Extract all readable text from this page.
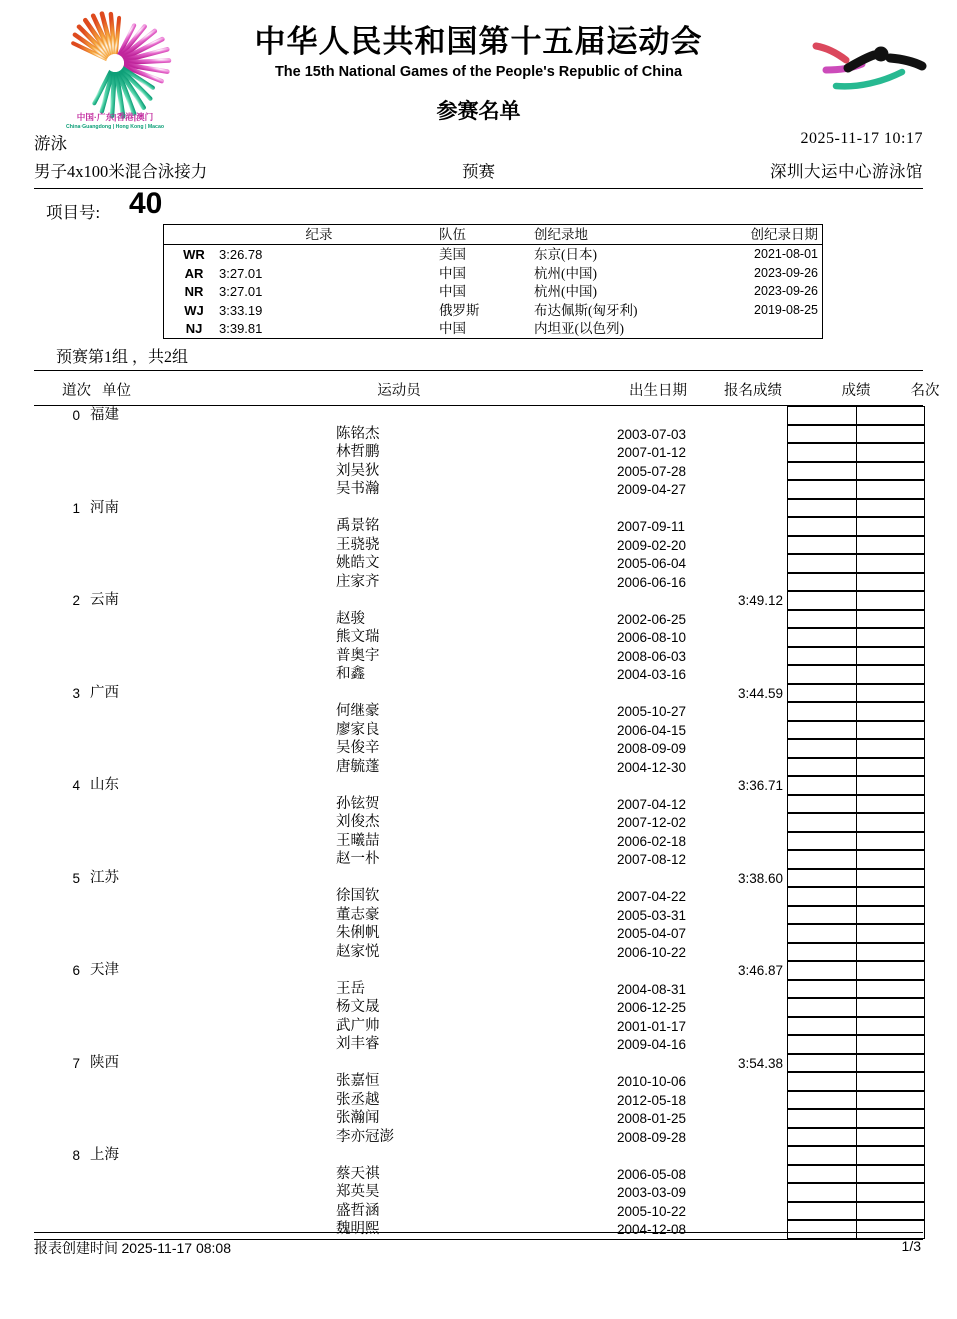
中国·广东|香港|澳门
China·Guangdong | Hong Kong | Macao
中华人民共和国第十五届运动会
The 15th National Games of the People's Republic of China
参赛名单
游泳	2025-11-17 10:17
男子4x100米混合泳接力	预赛	深圳大运中心游泳馆
项目号: 40
纪录	队伍	创纪录地	创纪录日期
WR	3:26.78	美国	东京(日本)	2021-08-01
AR	3:27.01	中国	杭州(中国)	2023-09-26
NR	3:27.01	中国	杭州(中国)	2023-09-26
WJ	3:33.19	俄罗斯	布达佩斯(匈牙利)	2019-08-25
NJ	3:39.81	中国	内坦亚(以色列)
预赛第1组 ，共2组
道次 单位	运动员	出生日期	报名成绩	成绩	名次
0 福建
陈铭杰	2003-07-03
林哲鹏	2007-01-12
刘吴狄	2005-07-28
吴书瀚	2009-04-27
1 河南
禹景铭	2007-09-11
王骁骁	2009-02-20
姚皓文	2005-06-04
庄家齐	2006-06-16
2 云南	3:49.12
赵骏	2002-06-25
熊文瑞	2006-08-10
普奥宇	2008-06-03
和鑫	2004-03-16
3 广西	3:44.59
何继豪	2005-10-27
廖家良	2006-04-15
吴俊辛	2008-09-09
唐毓蓬	2004-12-30
4 山东	3:36.71
孙铉贺	2007-04-12
刘俊杰	2007-12-02
王曦喆	2006-02-18
赵一朴	2007-08-12
5 江苏	3:38.60
徐国钦	2007-04-22
董志豪	2005-03-31
朱俐帆	2005-04-07
赵家悦	2006-10-22
6 天津	3:46.87
王岳	2004-08-31
杨文晟	2006-12-25
武广帅	2001-01-17
刘丰睿	2009-04-16
7 陕西	3:54.38
张嘉恒	2010-10-06
张丞越	2012-05-18
张瀚闻	2008-01-25
李亦冠澎	2008-09-28
8 上海
蔡天祺	2006-05-08
郑英昊	2003-03-09
盛哲涵	2005-10-22
魏明熙	2004-12-08
报表创建时间 2025-11-17 08:08	1/3
